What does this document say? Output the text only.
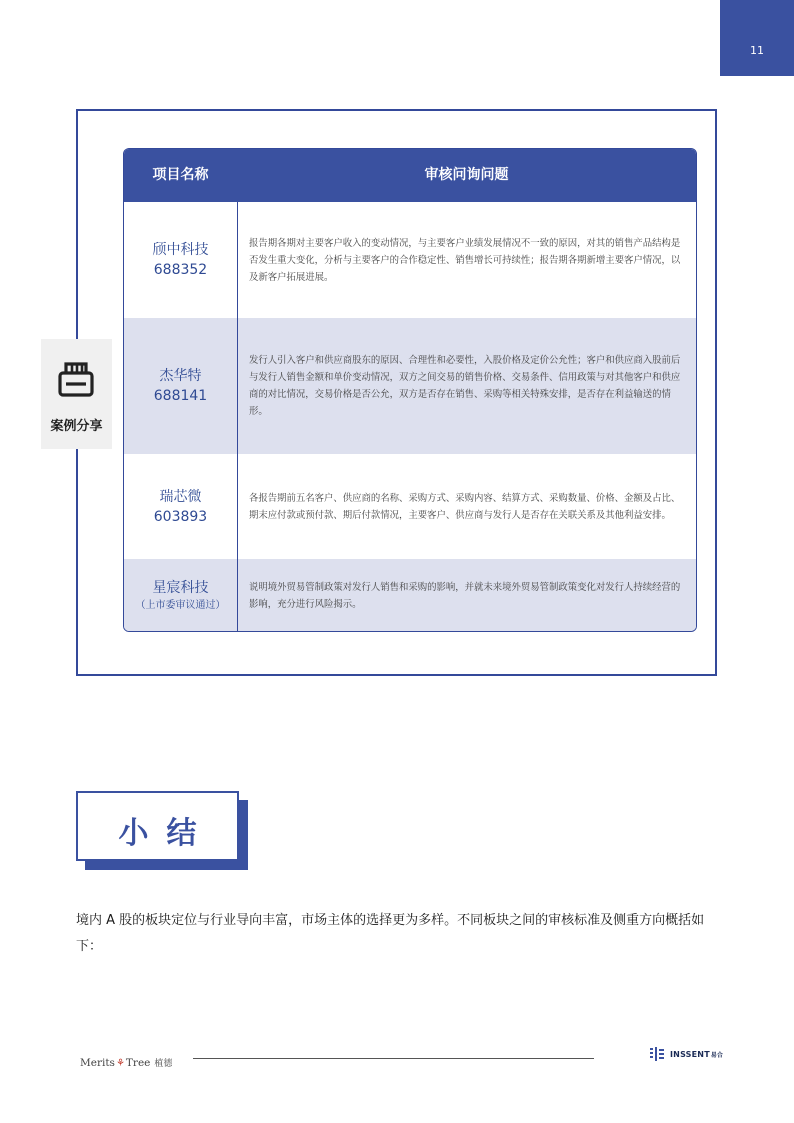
11
案例分享
项目名称	审核问询问题
颀中科技
688352
报告期各期对主要客户收入的变动情况，与主要客户业绩发展情况不一致的原因，对其的销售产品结构是否发生重大变化，分析与主要客户的合作稳定性、销售增长可持续性；报告期各期新增主要客户情况，以及新客户拓展进展。
杰华特
688141
发行人引入客户和供应商股东的原因、合理性和必要性，入股价格及定价公允性；客户和供应商入股前后与发行人销售金额和单价变动情况，双方之间交易的销售价格、交易条件、信用政策与对其他客户和供应商的对比情况，交易价格是否公允，双方是否存在销售、采购等相关特殊安排，是否存在利益输送的情形。
瑞芯微
603893
各报告期前五名客户、供应商的名称、采购方式、采购内容、结算方式、采购数量、价格、金额及占比、期末应付款或预付款、期后付款情况，主要客户、供应商与发行人是否存在关联关系及其他利益安排。
星宸科技
（上市委审议通过）
说明境外贸易管制政策对发行人销售和采购的影响，并就未来境外贸易管制政策变化对发行人持续经营的影响，充分进行风险揭示。
小结
境内 A 股的板块定位与行业导向丰富，市场主体的选择更为多样。不同板块之间的审核标准及侧重方向概括如下：
Merits ⚘ Tree 植德
INSSENT 易合
